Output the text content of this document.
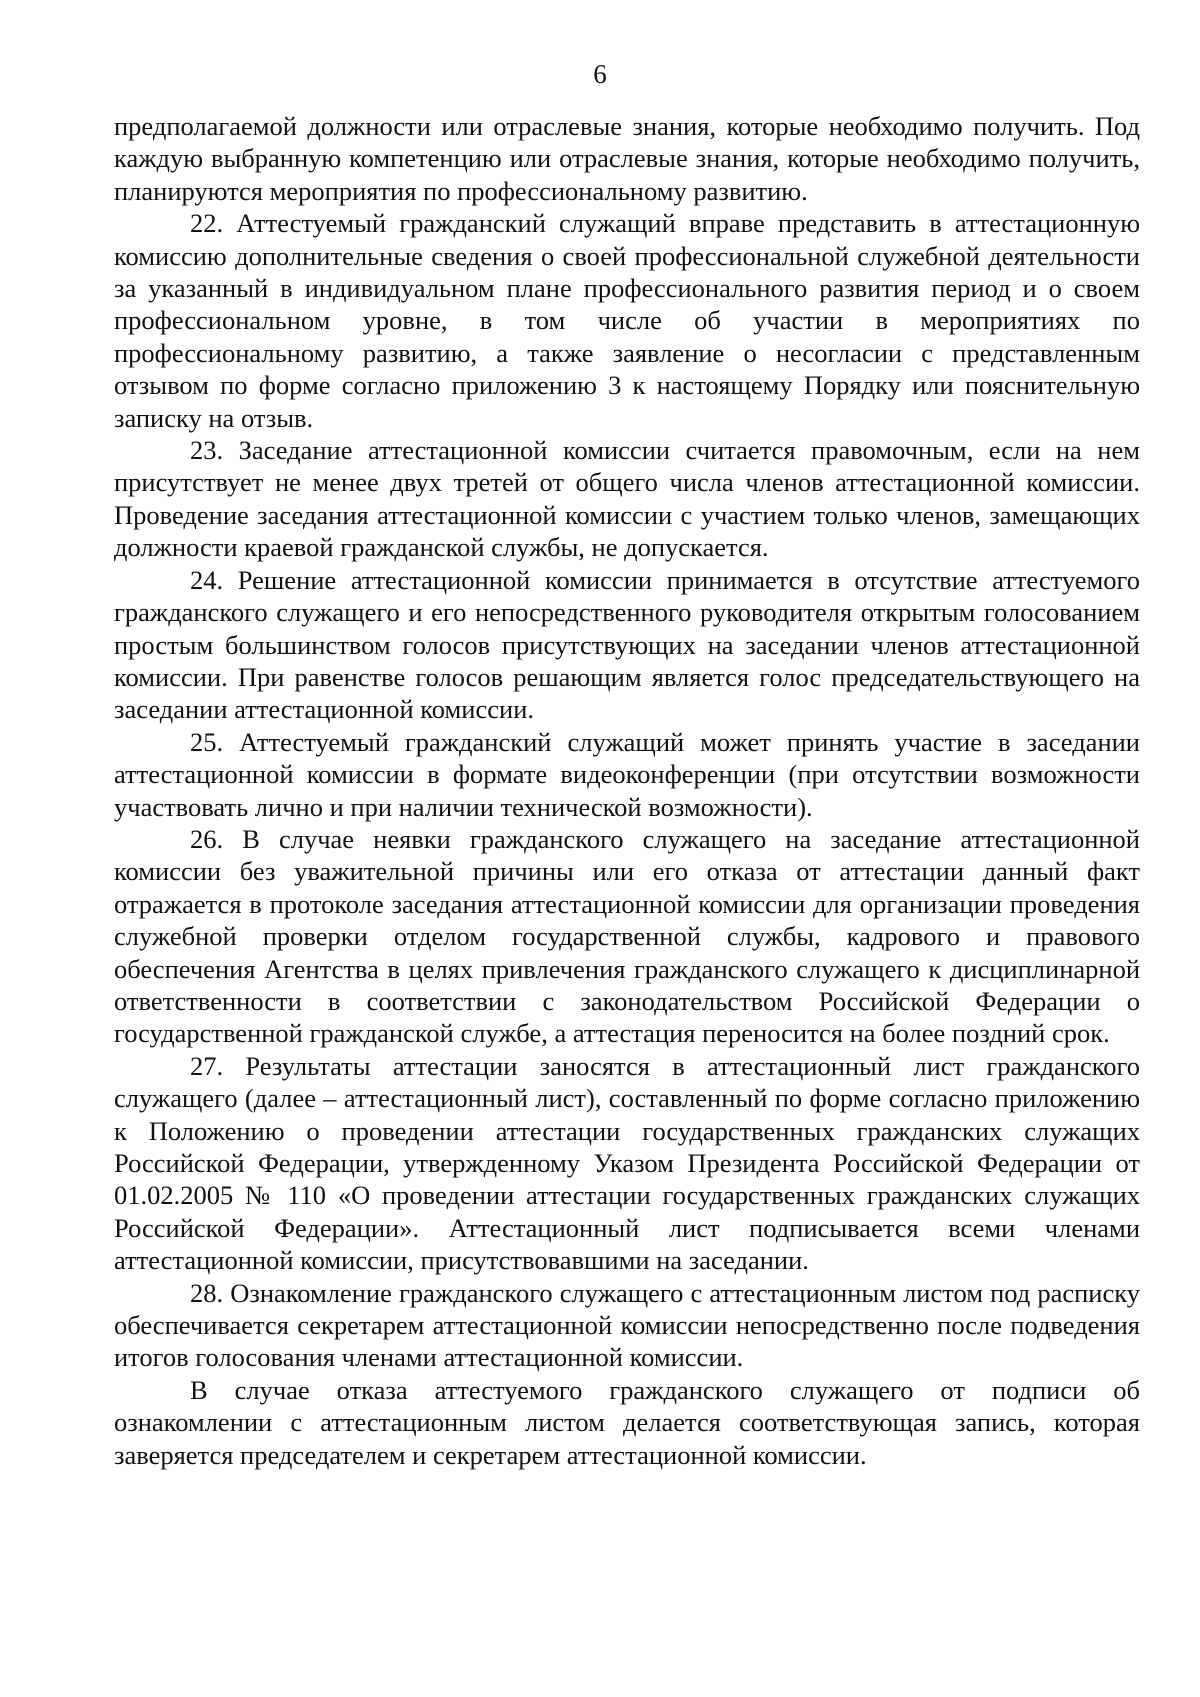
6

предполагаемой должности или отраслевые знания, которые необходимо получить. Под каждую выбранную компетенцию или отраслевые знания, которые необходимо получить, планируются мероприятия по профессиональному развитию.

22. Аттестуемый гражданский служащий вправе представить в аттестационную комиссию дополнительные сведения о своей профессиональной служебной деятельности за указанный в индивидуальном плане профессионального развития период и о своем профессиональном уровне, в том числе об участии в мероприятиях по профессиональному развитию, а также заявление о несогласии с представленным отзывом по форме согласно приложению 3 к настоящему Порядку или пояснительную записку на отзыв.

23. Заседание аттестационной комиссии считается правомочным, если на нем присутствует не менее двух третей от общего числа членов аттестационной комиссии. Проведение заседания аттестационной комиссии с участием только членов, замещающих должности краевой гражданской службы, не допускается.

24. Решение аттестационной комиссии принимается в отсутствие аттестуемого гражданского служащего и его непосредственного руководителя открытым голосованием простым большинством голосов присутствующих на заседании членов аттестационной комиссии. При равенстве голосов решающим является голос председательствующего на заседании аттестационной комиссии.

25. Аттестуемый гражданский служащий может принять участие в заседании аттестационной комиссии в формате видеоконференции (при отсутствии возможности участвовать лично и при наличии технической возможности).

26. В случае неявки гражданского служащего на заседание аттестационной комиссии без уважительной причины или его отказа от аттестации данный факт отражается в протоколе заседания аттестационной комиссии для организации проведения служебной проверки отделом государственной службы, кадрового и правового обеспечения Агентства в целях привлечения гражданского служащего к дисциплинарной ответственности в соответствии с законодательством Российской Федерации о государственной гражданской службе, а аттестация переносится на более поздний срок.

27. Результаты аттестации заносятся в аттестационный лист гражданского служащего (далее – аттестационный лист), составленный по форме согласно приложению к Положению о проведении аттестации государственных гражданских служащих Российской Федерации, утвержденному Указом Президента Российской Федерации от 01.02.2005 № 110 «О проведении аттестации государственных гражданских служащих Российской Федерации». Аттестационный лист подписывается всеми членами аттестационной комиссии, присутствовавшими на заседании.

28. Ознакомление гражданского служащего с аттестационным листом под расписку обеспечивается секретарем аттестационной комиссии непосредственно после подведения итогов голосования членами аттестационной комиссии.

В случае отказа аттестуемого гражданского служащего от подписи об ознакомлении с аттестационным листом делается соответствующая запись, которая заверяется председателем и секретарем аттестационной комиссии.
